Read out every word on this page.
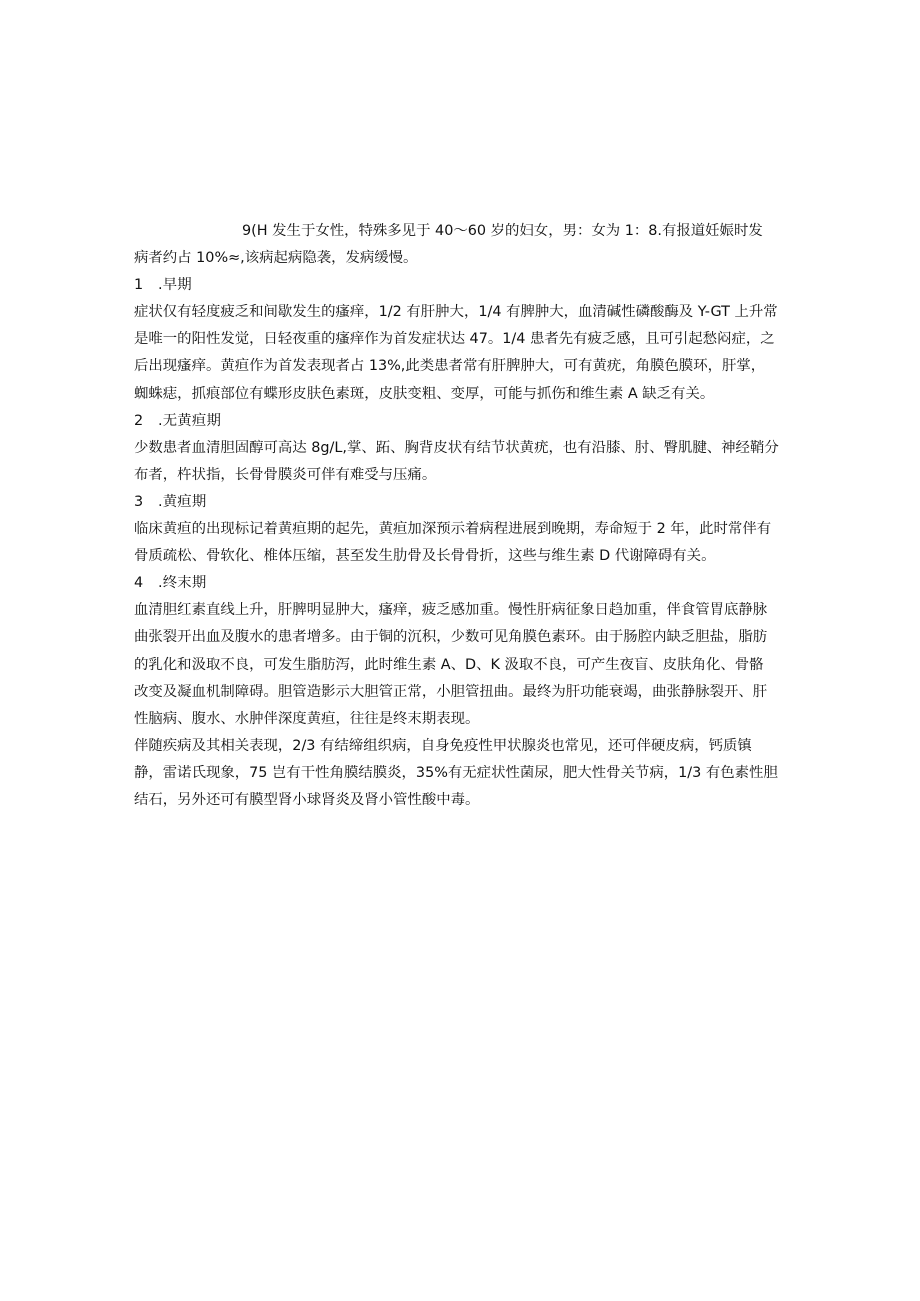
9(H 发生于女性，特殊多见于 40～60 岁的妇女，男：女为 1：8.有报道妊娠时发
病者约占 10%≈,该病起病隐袭，发病缓慢。
1　.早期
症状仅有轻度疲乏和间歇发生的瘙痒，1/2 有肝肿大，1/4 有脾肿大，血清碱性磷酸酶及 Y-GT 上升常
是唯一的阳性发觉，日轻夜重的瘙痒作为首发症状达 47。1/4 患者先有疲乏感，且可引起愁闷症，之
后出现瘙痒。黄疸作为首发表现者占 13%,此类患者常有肝脾肿大，可有黄疣，角膜色膜环，肝掌，
蜘蛛痣，抓痕部位有蝶形皮肤色素斑，皮肤变粗、变厚，可能与抓伤和维生素 A 缺乏有关。
2　.无黄疸期
少数患者血清胆固醇可高达 8g/L,掌、跖、胸背皮状有结节状黄疣，也有沿膝、肘、臀肌腱、神经鞘分
布者，杵状指，长骨骨膜炎可伴有难受与压痛。
3　.黄疸期
临床黄疸的出现标记着黄疸期的起先，黄疸加深预示着病程进展到晚期，寿命短于 2 年，此时常伴有
骨质疏松、骨软化、椎体压缩，甚至发生肋骨及长骨骨折，这些与维生素 D 代谢障碍有关。
4　.终末期
血清胆红素直线上升，肝脾明显肿大，瘙痒，疲乏感加重。慢性肝病征象日趋加重，伴食管胃底静脉
曲张裂开出血及腹水的患者增多。由于铜的沉积，少数可见角膜色素环。由于肠腔内缺乏胆盐，脂肪
的乳化和汲取不良，可发生脂肪泻，此时维生素 A、D、K 汲取不良，可产生夜盲、皮肤角化、骨骼
改变及凝血机制障碍。胆管造影示大胆管正常，小胆管扭曲。最终为肝功能衰竭，曲张静脉裂开、肝
性脑病、腹水、水肿伴深度黄疸，往往是终末期表现。
伴随疾病及其相关表现，2/3 有结缔组织病，自身免疫性甲状腺炎也常见，还可伴硬皮病，钙质镇
静，雷诺氏现象，75 岂有干性角膜结膜炎，35%有无症状性菌尿，肥大性骨关节病，1/3 有色素性胆
结石，另外还可有膜型肾小球肾炎及肾小管性酸中毒。
